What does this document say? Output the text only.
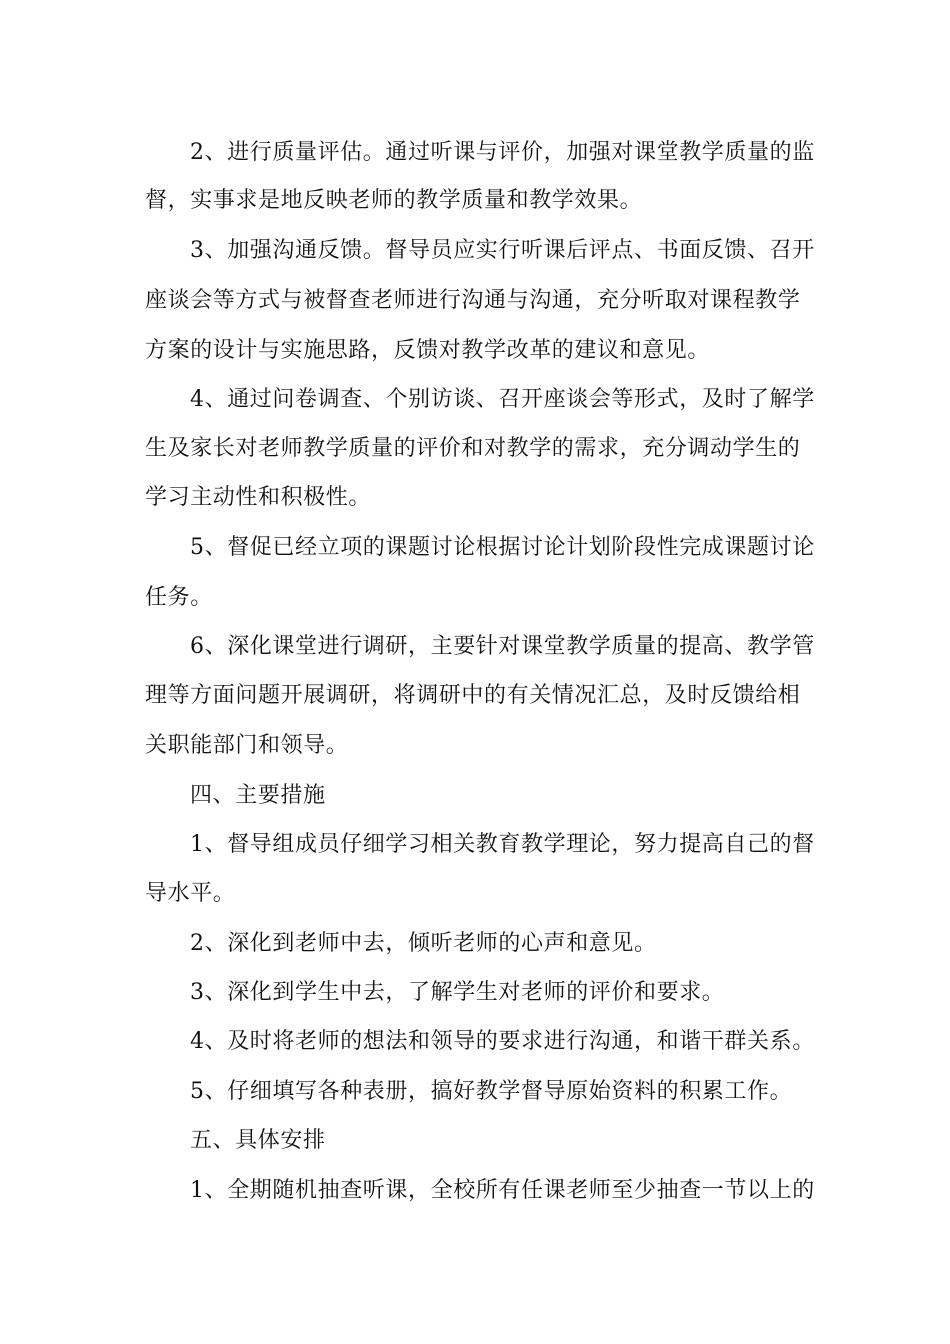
2、进行质量评估。通过听课与评价，加强对课堂教学质量的监
督，实事求是地反映老师的教学质量和教学效果。
3、加强沟通反馈。督导员应实行听课后评点、书面反馈、召开
座谈会等方式与被督查老师进行沟通与沟通，充分听取对课程教学
方案的设计与实施思路，反馈对教学改革的建议和意见。
4、通过问卷调查、个别访谈、召开座谈会等形式，及时了解学
生及家长对老师教学质量的评价和对教学的需求，充分调动学生的
学习主动性和积极性。
5、督促已经立项的课题讨论根据讨论计划阶段性完成课题讨论
任务。
6、深化课堂进行调研，主要针对课堂教学质量的提高、教学管
理等方面问题开展调研，将调研中的有关情况汇总，及时反馈给相
关职能部门和领导。
四、主要措施
1、督导组成员仔细学习相关教育教学理论，努力提高自己的督
导水平。
2、深化到老师中去，倾听老师的心声和意见。
3、深化到学生中去，了解学生对老师的评价和要求。
4、及时将老师的想法和领导的要求进行沟通，和谐干群关系。
5、仔细填写各种表册，搞好教学督导原始资料的积累工作。
五、具体安排
1、全期随机抽查听课，全校所有任课老师至少抽查一节以上的
